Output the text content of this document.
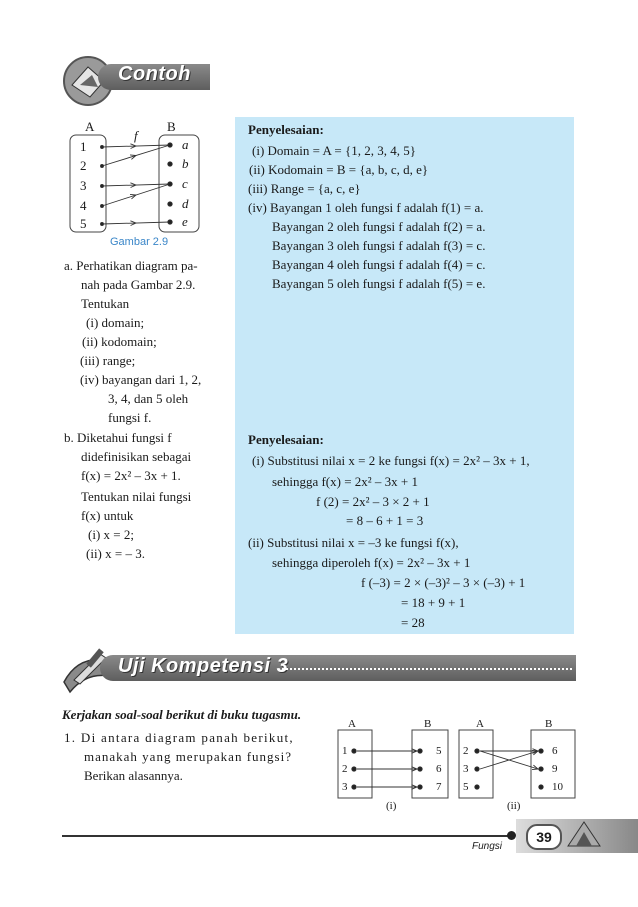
Contoh
A	B
f
1
2
3
4
5
a
b
c
d
e
Gambar 2.9
a. Perhatikan diagram pa-
nah pada Gambar 2.9.
Tentukan
(i) domain;
(ii) kodomain;
(iii) range;
(iv) bayangan dari 1, 2,
3, 4, dan 5 oleh
fungsi f.
Penyelesaian:
(i) Domain = A = {1, 2, 3, 4, 5}
(ii) Kodomain = B = {a, b, c, d, e}
(iii) Range = {a, c, e}
(iv) Bayangan 1 oleh fungsi f adalah f(1) = a.
Bayangan 2 oleh fungsi f adalah f(2) = a.
Bayangan 3 oleh fungsi f adalah f(3) = c.
Bayangan 4 oleh fungsi f adalah f(4) = c.
Bayangan 5 oleh fungsi f adalah f(5) = e.
b. Diketahui fungsi f
didefinisikan sebagai
f(x) = 2x² – 3x + 1.
Tentukan nilai fungsi
f(x) untuk
(i) x = 2;
(ii) x = – 3.
Penyelesaian:
(i) Substitusi nilai x = 2 ke fungsi f(x) = 2x² – 3x + 1,
sehingga f(x) = 2x² – 3x + 1
f (2) = 2x² – 3 × 2 + 1
= 8 – 6 + 1 = 3
(ii) Substitusi nilai x = –3 ke fungsi f(x),
sehingga diperoleh f(x) = 2x² – 3x + 1
f (–3) = 2 × (–3)² – 3 × (–3) + 1
= 18 + 9 + 1
= 28
Uji Kompetensi 3
Kerjakan soal-soal berikut di buku tugasmu.
1. Di antara diagram panah berikut,
manakah yang merupakan fungsi?
Berikan alasannya.
A	B	A	B
1
2
3
5
6
7
2
3
5
6
9
10
(i)	(ii)
Fungsi
39
